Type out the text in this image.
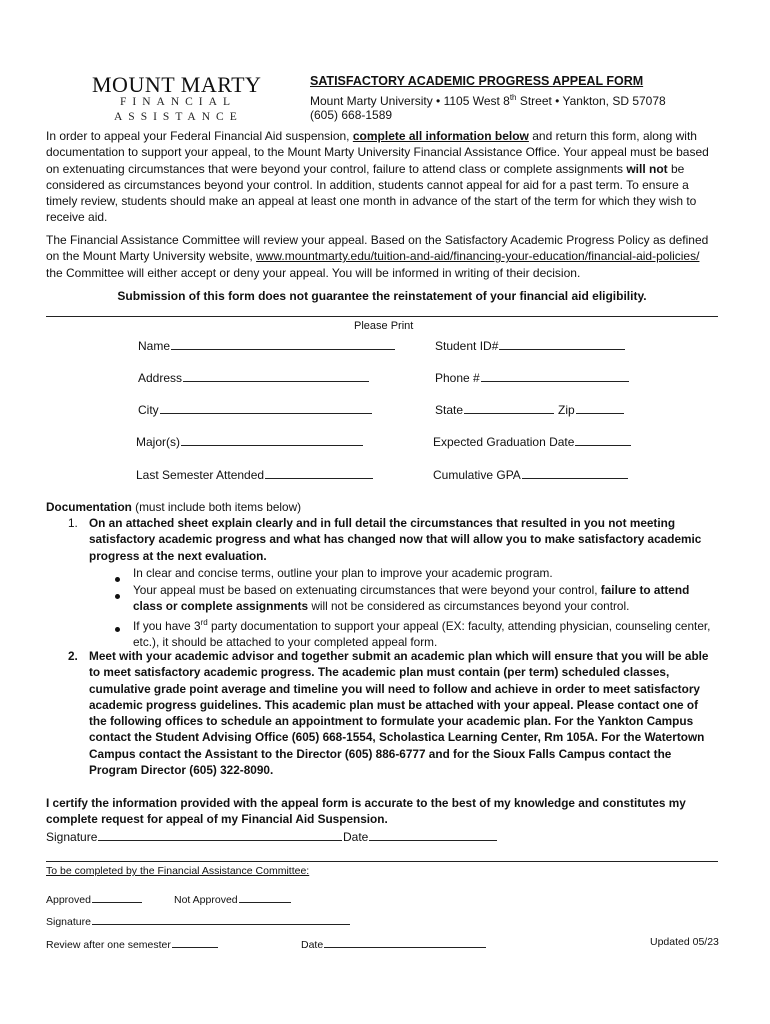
MOUNT MARTY
FINANCIAL
ASSISTANCE
SATISFACTORY ACADEMIC PROGRESS APPEAL FORM
Mount Marty University • 1105 West 8th Street • Yankton, SD 57078
(605) 668-1589
In order to appeal your Federal Financial Aid suspension, complete all information below and return this form, along with documentation to support your appeal, to the Mount Marty University Financial Assistance Office. Your appeal must be based on extenuating circumstances that were beyond your control, failure to attend class or complete assignments will not be considered as circumstances beyond your control. In addition, students cannot appeal for aid for a past term. To ensure a timely review, students should make an appeal at least one month in advance of the start of the term for which they wish to receive aid.
The Financial Assistance Committee will review your appeal. Based on the Satisfactory Academic Progress Policy as defined on the Mount Marty University website, www.mountmarty.edu/tuition-and-aid/financing-your-education/financial-aid-policies/ the Committee will either accept or deny your appeal. You will be informed in writing of their decision.
Submission of this form does not guarantee the reinstatement of your financial aid eligibility.
Please Print
Name	Student ID#
Address	Phone #
City	State	Zip
Major(s)	Expected Graduation Date
Last Semester Attended	Cumulative GPA
Documentation (must include both items below)
1. On an attached sheet explain clearly and in full detail the circumstances that resulted in you not meeting satisfactory academic progress and what has changed now that will allow you to make satisfactory academic progress at the next evaluation.
In clear and concise terms, outline your plan to improve your academic program.
Your appeal must be based on extenuating circumstances that were beyond your control, failure to attend class or complete assignments will not be considered as circumstances beyond your control.
If you have 3rd party documentation to support your appeal (EX: faculty, attending physician, counseling center, etc.), it should be attached to your completed appeal form.
2. Meet with your academic advisor and together submit an academic plan which will ensure that you will be able to meet satisfactory academic progress. The academic plan must contain (per term) scheduled classes, cumulative grade point average and timeline you will need to follow and achieve in order to meet satisfactory academic progress guidelines. This academic plan must be attached with your appeal. Please contact one of the following offices to schedule an appointment to formulate your academic plan. For the Yankton Campus contact the Student Advising Office (605) 668-1554, Scholastica Learning Center, Rm 105A. For the Watertown Campus contact the Assistant to the Director (605) 886-6777 and for the Sioux Falls Campus contact the Program Director (605) 322-8090.
I certify the information provided with the appeal form is accurate to the best of my knowledge and constitutes my complete request for appeal of my Financial Aid Suspension.
Signature	Date
To be completed by the Financial Assistance Committee:
Approved	Not Approved
Signature
Review after one semester	Date	Updated 05/23
